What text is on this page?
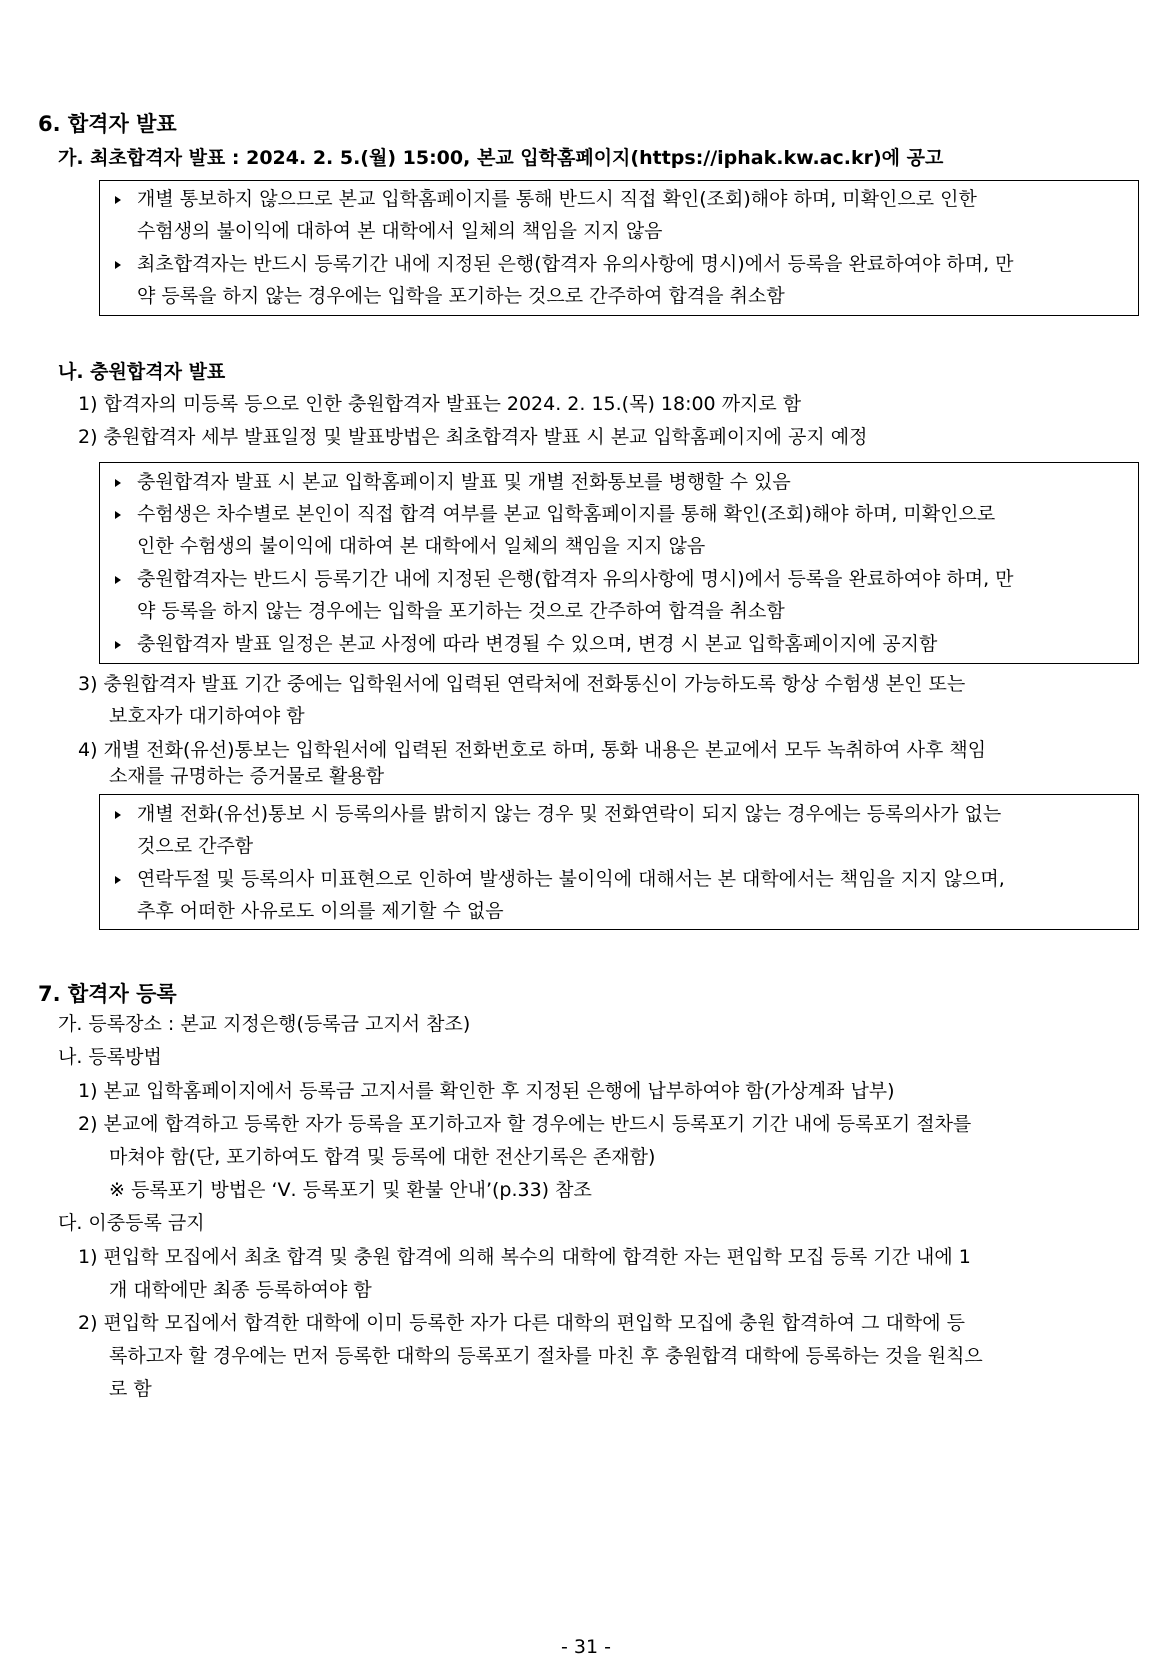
6. 합격자 발표
가. 최초합격자 발표 : 2024. 2. 5.(월) 15:00, 본교 입학홈페이지(https://iphak.kw.ac.kr)에 공고
개별 통보하지 않으므로 본교 입학홈페이지를 통해 반드시 직접 확인(조회)해야 하며, 미확인으로 인한
수험생의 불이익에 대하여 본 대학에서 일체의 책임을 지지 않음
최초합격자는 반드시 등록기간 내에 지정된 은행(합격자 유의사항에 명시)에서 등록을 완료하여야 하며, 만
약 등록을 하지 않는 경우에는 입학을 포기하는 것으로 간주하여 합격을 취소함
나. 충원합격자 발표
1) 합격자의 미등록 등으로 인한 충원합격자 발표는 2024. 2. 15.(목) 18:00 까지로 함
2) 충원합격자 세부 발표일정 및 발표방법은 최초합격자 발표 시 본교 입학홈페이지에 공지 예정
충원합격자 발표 시 본교 입학홈페이지 발표 및 개별 전화통보를 병행할 수 있음
수험생은 차수별로 본인이 직접 합격 여부를 본교 입학홈페이지를 통해 확인(조회)해야 하며, 미확인으로
인한 수험생의 불이익에 대하여 본 대학에서 일체의 책임을 지지 않음
충원합격자는 반드시 등록기간 내에 지정된 은행(합격자 유의사항에 명시)에서 등록을 완료하여야 하며, 만
약 등록을 하지 않는 경우에는 입학을 포기하는 것으로 간주하여 합격을 취소함
충원합격자 발표 일정은 본교 사정에 따라 변경될 수 있으며, 변경 시 본교 입학홈페이지에 공지함
3) 충원합격자 발표 기간 중에는 입학원서에 입력된 연락처에 전화통신이 가능하도록 항상 수험생 본인 또는
보호자가 대기하여야 함
4) 개별 전화(유선)통보는 입학원서에 입력된 전화번호로 하며, 통화 내용은 본교에서 모두 녹취하여 사후 책임
소재를 규명하는 증거물로 활용함
개별 전화(유선)통보 시 등록의사를 밝히지 않는 경우 및 전화연락이 되지 않는 경우에는 등록의사가 없는
것으로 간주함
연락두절 및 등록의사 미표현으로 인하여 발생하는 불이익에 대해서는 본 대학에서는 책임을 지지 않으며,
추후 어떠한 사유로도 이의를 제기할 수 없음
7. 합격자 등록
가. 등록장소 : 본교 지정은행(등록금 고지서 참조)
나. 등록방법
1) 본교 입학홈페이지에서 등록금 고지서를 확인한 후 지정된 은행에 납부하여야 함(가상계좌 납부)
2) 본교에 합격하고 등록한 자가 등록을 포기하고자 할 경우에는 반드시 등록포기 기간 내에 등록포기 절차를
마쳐야 함(단, 포기하여도 합격 및 등록에 대한 전산기록은 존재함)
※ 등록포기 방법은 ‘Ⅴ. 등록포기 및 환불 안내’(p.33) 참조
다. 이중등록 금지
1) 편입학 모집에서 최초 합격 및 충원 합격에 의해 복수의 대학에 합격한 자는 편입학 모집 등록 기간 내에 1
개 대학에만 최종 등록하여야 함
2) 편입학 모집에서 합격한 대학에 이미 등록한 자가 다른 대학의 편입학 모집에 충원 합격하여 그 대학에 등
록하고자 할 경우에는 먼저 등록한 대학의 등록포기 절차를 마친 후 충원합격 대학에 등록하는 것을 원칙으
로 함
- 31 -
